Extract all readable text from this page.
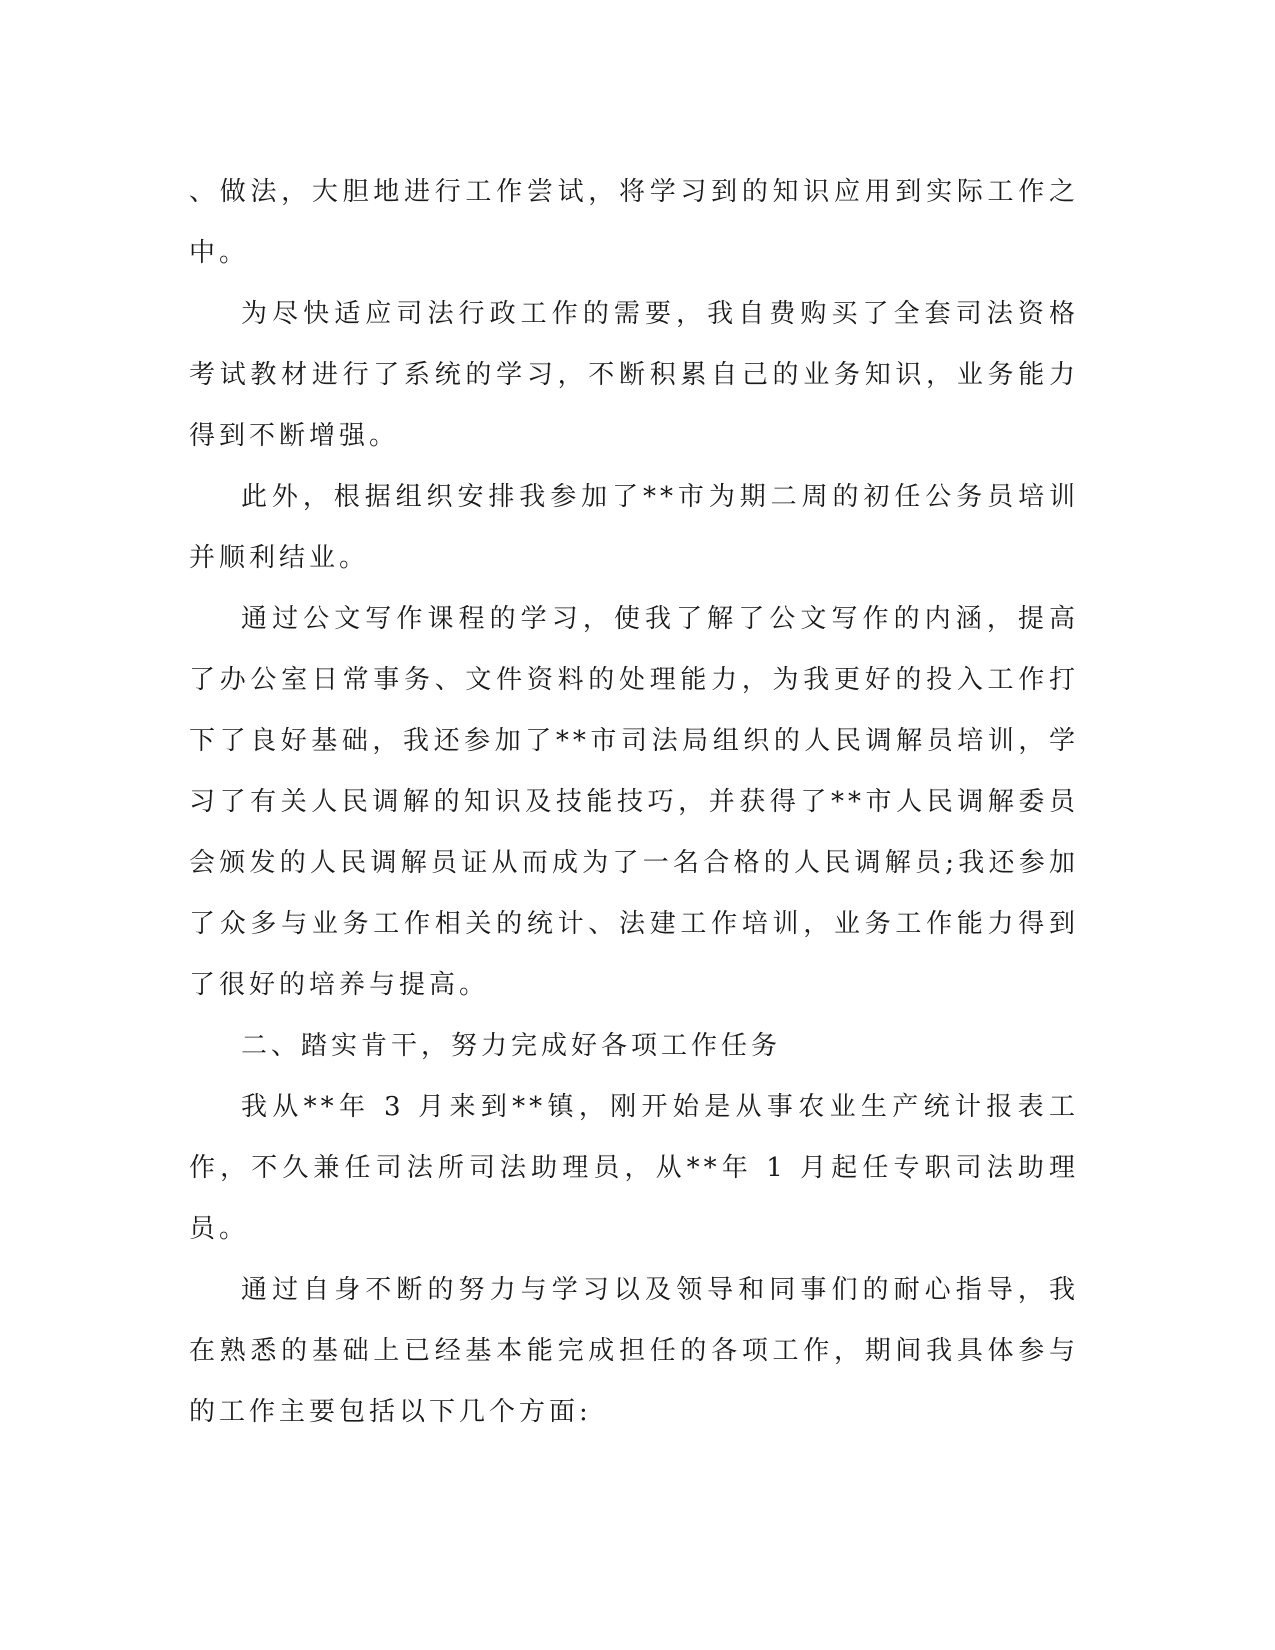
、做法，大胆地进行工作尝试，将学习到的知识应用到实际工作之中。

为尽快适应司法行政工作的需要，我自费购买了全套司法资格考试教材进行了系统的学习，不断积累自己的业务知识，业务能力得到不断增强。

此外，根据组织安排我参加了**市为期二周的初任公务员培训并顺利结业。

通过公文写作课程的学习，使我了解了公文写作的内涵，提高了办公室日常事务、文件资料的处理能力，为我更好的投入工作打下了良好基础，我还参加了**市司法局组织的人民调解员培训，学习了有关人民调解的知识及技能技巧，并获得了**市人民调解委员会颁发的人民调解员证从而成为了一名合格的人民调解员;我还参加了众多与业务工作相关的统计、法建工作培训，业务工作能力得到了很好的培养与提高。

二、踏实肯干，努力完成好各项工作任务

我从**年 3 月来到**镇，刚开始是从事农业生产统计报表工作，不久兼任司法所司法助理员，从**年 1 月起任专职司法助理员。

通过自身不断的努力与学习以及领导和同事们的耐心指导，我在熟悉的基础上已经基本能完成担任的各项工作，期间我具体参与的工作主要包括以下几个方面:
